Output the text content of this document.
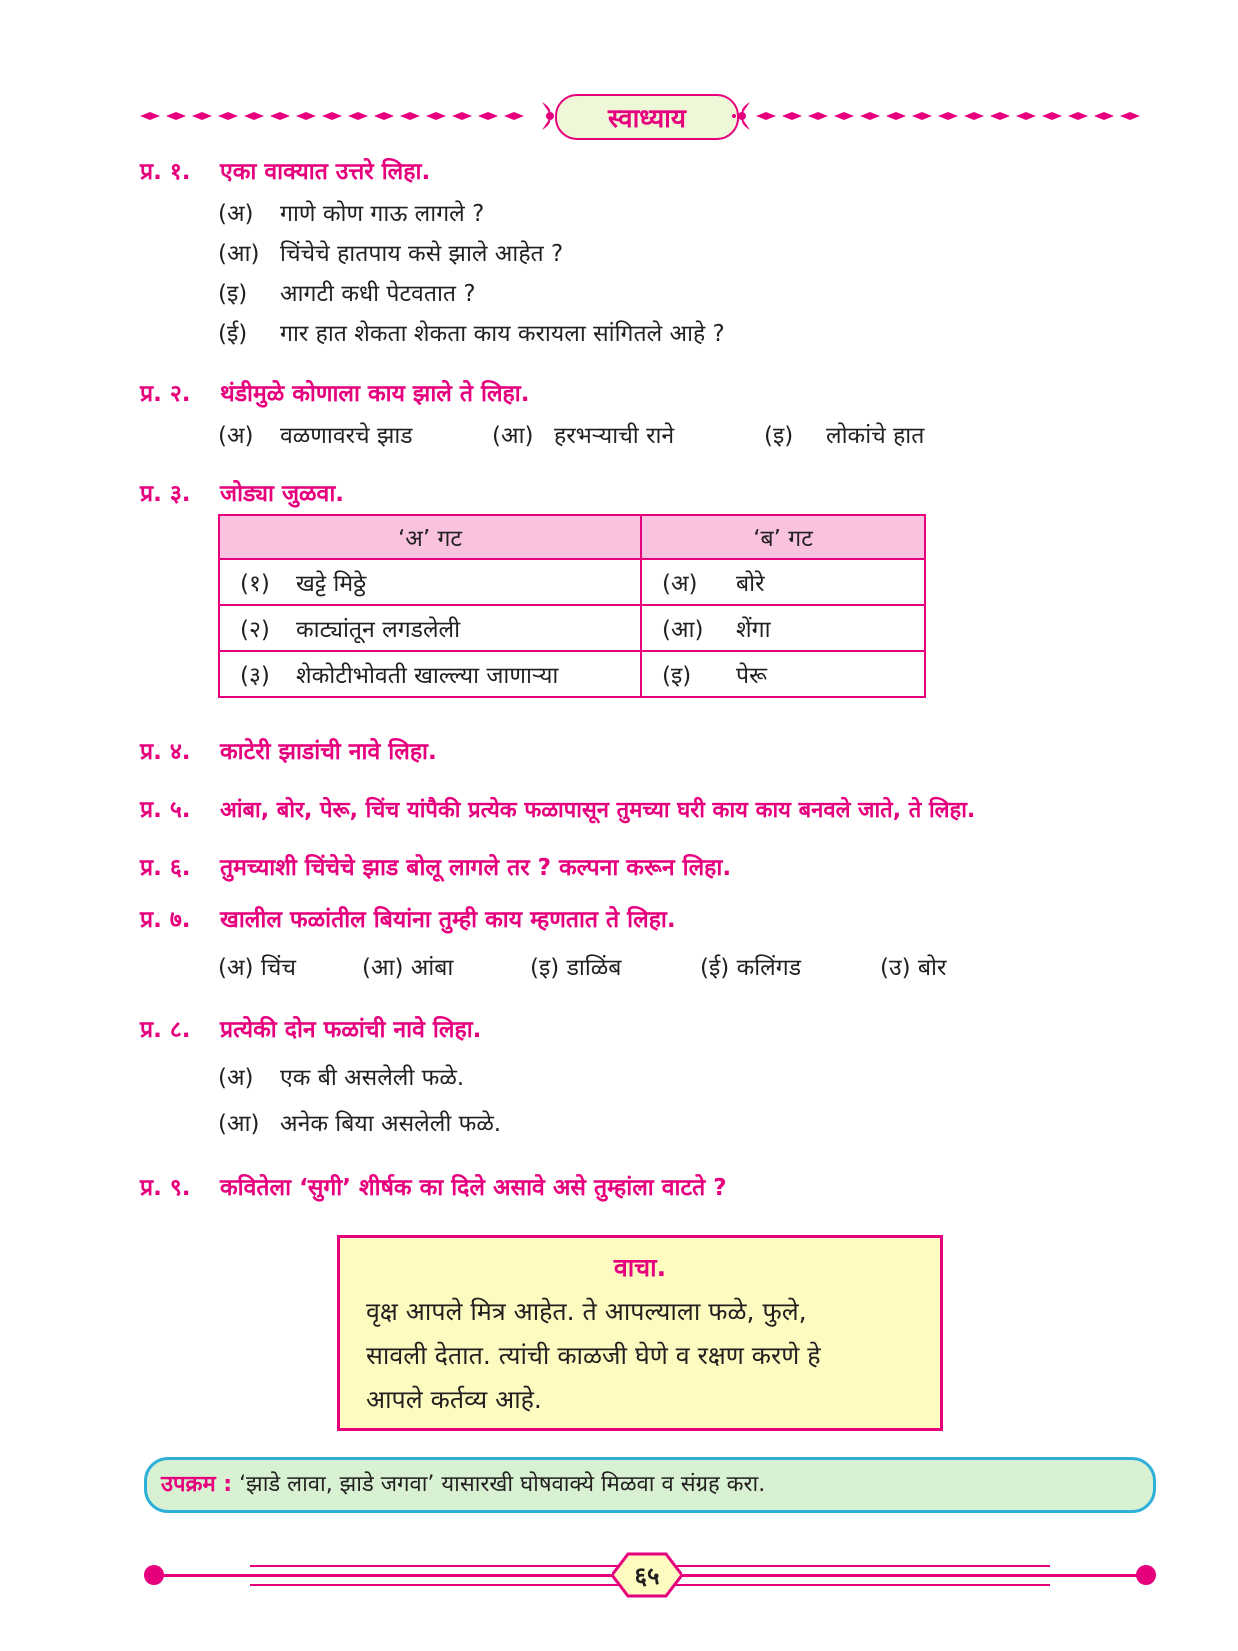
स्वाध्याय
प्र. १. एका वाक्यात उत्तरे लिहा.
(अ) गाणे कोण गाऊ लागले ?
(आ) चिंचेचे हातपाय कसे झाले आहेत ?
(इ) आगटी कधी पेटवतात ?
(ई) गार हात शेकता शेकता काय करायला सांगितले आहे ?
प्र. २. थंडीमुळे कोणाला काय झाले ते लिहा.
(अ) वळणावरचे झाड	(आ) हरभऱ्याची राने	(इ) लोकांचे हात
प्र. ३. जोड्या जुळवा.
‘अ’ गट	‘ब’ गट
(१) खट्टे मिठ्ठे	(अ) बोरे
(२) काट्यांतून लगडलेली	(आ) शेंगा
(३) शेकोटीभोवती खाल्ल्या जाणाऱ्या	(इ) पेरू
प्र. ४. काटेरी झाडांची नावे लिहा.
प्र. ५. आंबा, बोर, पेरू, चिंच यांपैकी प्रत्येक फळापासून तुमच्या घरी काय काय बनवले जाते, ते लिहा.
प्र. ६. तुमच्याशी चिंचेचे झाड बोलू लागले तर ? कल्पना करून लिहा.
प्र. ७. खालील फळांतील बियांना तुम्ही काय म्हणतात ते लिहा.
(अ) चिंच	(आ) आंबा	(इ) डाळिंब	(ई) कलिंगड	(उ) बोर
प्र. ८. प्रत्येकी दोन फळांची नावे लिहा.
(अ) एक बी असलेली फळे.
(आ) अनेक बिया असलेली फळे.
प्र. ९. कवितेला ‘सुगी’ शीर्षक का दिले असावे असे तुम्हांला वाटते ?
वाचा.
वृक्ष आपले मित्र आहेत. ते आपल्याला फळे, फुले,
सावली देतात. त्यांची काळजी घेणे व रक्षण करणे हे
आपले कर्तव्य आहे.
उपक्रम : ‘झाडे लावा, झाडे जगवा’ यासारखी घोषवाक्ये मिळवा व संग्रह करा.
६५
